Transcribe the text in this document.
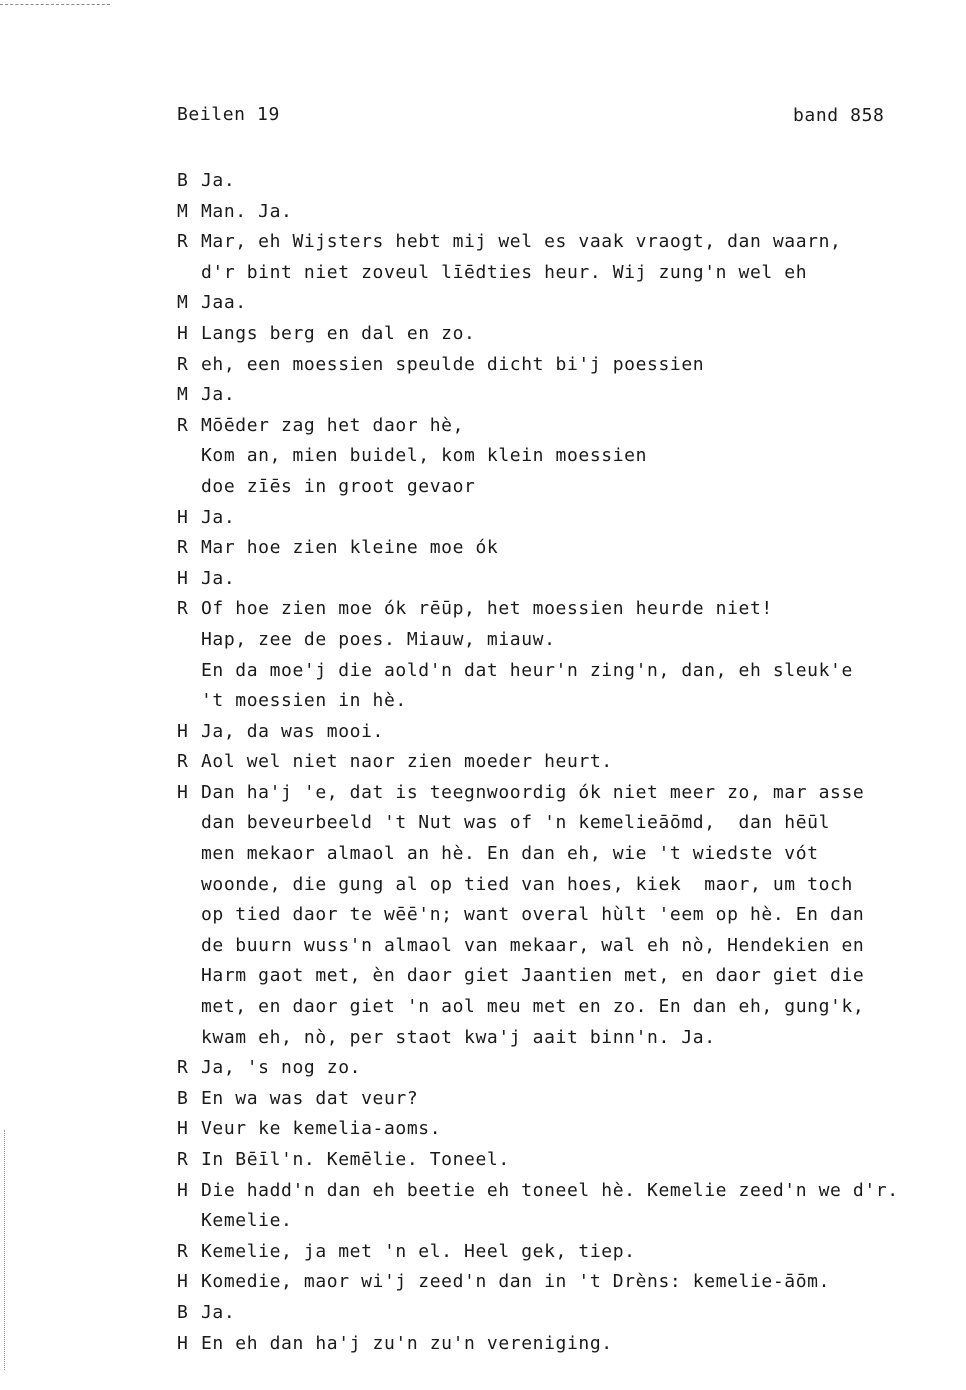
Beilen 19	band 858
B Ja.
M Man. Ja.
R Mar, eh Wijsters hebt mij wel es vaak vraogt, dan waarn,
d'r bint niet zoveul līēdties heur. Wij zung'n wel eh
M Jaa.
H Langs berg en dal en zo.
R eh, een moessien speulde dicht bi'j poessien
M Ja.
R Mōēder zag het daor hè,
Kom an, mien buidel, kom klein moessien
doe zīēs in groot gevaor
H Ja.
R Mar hoe zien kleine moe ók
H Ja.
R Of hoe zien moe ók rēūp, het moessien heurde niet!
Hap, zee de poes. Miauw, miauw.
En da moe'j die aold'n dat heur'n zing'n, dan, eh sleuk'e
't moessien in hè.
H Ja, da was mooi.
R Aol wel niet naor zien moeder heurt.
H Dan ha'j 'e, dat is teegnwoordig ók niet meer zo, mar asse
dan beveurbeeld 't Nut was of 'n kemelieāōmd,  dan hēūl
men mekaor almaol an hè. En dan eh, wie 't wiedste vót
woonde, die gung al op tied van hoes, kiek  maor, um toch
op tied daor te wēē'n; want overal hùlt 'eem op hè. En dan
de buurn wuss'n almaol van mekaar, wal eh nò, Hendekien en
Harm gaot met, èn daor giet Jaantien met, en daor giet die
met, en daor giet 'n aol meu met en zo. En dan eh, gung'k,
kwam eh, nò, per staot kwa'j aait binn'n. Ja.
R Ja, 's nog zo.
B En wa was dat veur?
H Veur ke kemelia-aoms.
R In Bēīl'n. Kemēlie. Toneel.
H Die hadd'n dan eh beetie eh toneel hè. Kemelie zeed'n we d'r.
Kemelie.
R Kemelie, ja met 'n el. Heel gek, tiep.
H Komedie, maor wi'j zeed'n dan in 't Drèns: kemelie-āōm.
B Ja.
H En eh dan ha'j zu'n zu'n vereniging.
